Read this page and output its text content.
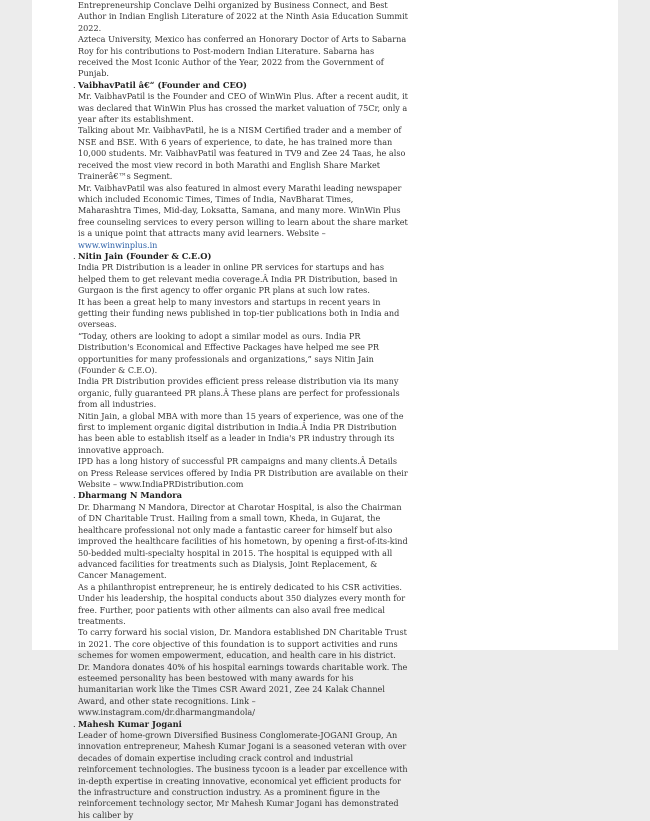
Entrepreneurship Conclave Delhi organized by Business Connect, and Best Author in Indian English Literature of 2022 at the Ninth Asia Education Summit 2022.

Azteca University, Mexico has conferred an Honorary Doctor of Arts to Sabarna Roy for his contributions to Post-modern Indian Literature. Sabarna has received the Most Iconic Author of the Year, 2022 from the Government of Punjab.

. VaibhavPatil â€“ (Founder and CEO)

Mr. VaibhavPatil is the Founder and CEO of WinWin Plus. After a recent audit, it was declared that WinWin Plus has crossed the market valuation of 75Cr, only a year after its establishment.

Talking about Mr. VaibhavPatil, he is a NISM Certified trader and a member of NSE and BSE. With 6 years of experience, to date, he has trained more than 10,000 students. Mr. VaibhavPatil was featured in TV9 and Zee 24 Taas, he also received the most view record in both Marathi and English Share Market Trainerâ€™s Segment.

Mr. VaibhavPatil was also featured in almost every Marathi leading newspaper which included Economic Times, Times of India, NavBharat Times, Maharashtra Times, Mid-day, Loksatta, Samana, and many more. WinWin Plus free counseling services to every person willing to learn about the share market is a unique point that attracts many avid learners. Website –

www.winwinplus.in

. Nitin Jain (Founder & C.E.O)

India PR Distribution is a leader in online PR services for startups and has helped them to get relevant media coverage.Â India PR Distribution, based in Gurgaon is the first agency to offer organic PR plans at such low rates.

It has been a great help to many investors and startups in recent years in getting their funding news published in top-tier publications both in India and overseas.

“Today, others are looking to adopt a similar model as ours. India PR Distribution's Economical and Effective Packages have helped me see PR opportunities for many professionals and organizations,” says Nitin Jain (Founder & C.E.O).

India PR Distribution provides efficient press release distribution via its many organic, fully guaranteed PR plans.Â These plans are perfect for professionals from all industries.

Nitin Jain, a global MBA with more than 15 years of experience, was one of the first to implement organic digital distribution in India.Â India PR Distribution has been able to establish itself as a leader in India's PR industry through its innovative approach.

IPD has a long history of successful PR campaigns and many clients.Â Details on Press Release services offered by India PR Distribution are available on their Website – www.IndiaPRDistribution.com

. Dharmang N Mandora

Dr. Dharmang N Mandora, Director at Charotar Hospital, is also the Chairman of DN Charitable Trust. Hailing from a small town, Kheda, in Gujarat, the healthcare professional not only made a fantastic career for himself but also improved the healthcare facilities of his hometown, by opening a first-of-its-kind 50-bedded multi-specialty hospital in 2015. The hospital is equipped with all advanced facilities for treatments such as Dialysis, Joint Replacement, & Cancer Management.

As a philanthropist entrepreneur, he is entirely dedicated to his CSR activities. Under his leadership, the hospital conducts about 350 dialyzes every month for free. Further, poor patients with other ailments can also avail free medical treatments.

To carry forward his social vision, Dr. Mandora established DN Charitable Trust in 2021. The core objective of this foundation is to support activities and runs schemes for women empowerment, education, and health care in his district. Dr. Mandora donates 40% of his hospital earnings towards charitable work. The esteemed personality has been bestowed with many awards for his humanitarian work like the Times CSR Award 2021, Zee 24 Kalak Channel Award, and other state recognitions. Link – www.instagram.com/dr.dharmangmandola/

. Mahesh Kumar Jogani

Leader of home-grown Diversified Business Conglomerate-JOGANI Group, An innovation entrepreneur, Mahesh Kumar Jogani is a seasoned veteran with over decades of domain expertise including crack control and industrial reinforcement technologies. The business tycoon is a leader par excellence with in-depth expertise in creating innovative, economical yet efficient products for the infrastructure and construction industry. As a prominent figure in the reinforcement technology sector, Mr Mahesh Kumar Jogani has demonstrated his caliber by
